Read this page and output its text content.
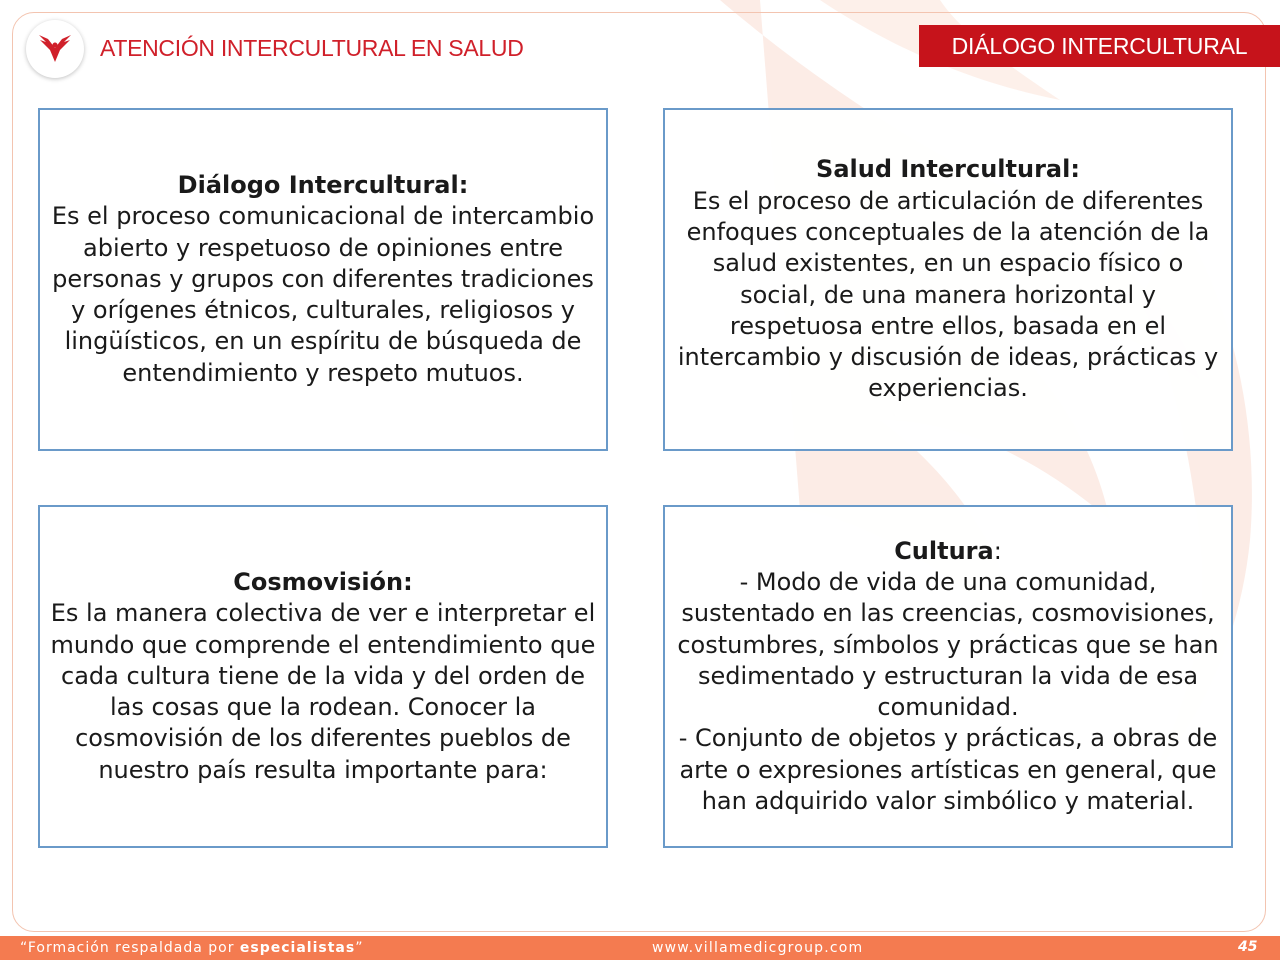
ATENCIÓN INTERCULTURAL EN SALUD	DIÁLOGO INTERCULTURAL
Diálogo Intercultural:
Es el proceso comunicacional de intercambio abierto y respetuoso de opiniones entre personas y grupos con diferentes tradiciones y orígenes étnicos, culturales, religiosos y lingüísticos, en un espíritu de búsqueda de entendimiento y respeto mutuos.
Salud Intercultural:
Es el proceso de articulación de diferentes enfoques conceptuales de la atención de la salud existentes, en un espacio físico o social, de una manera horizontal y respetuosa entre ellos, basada en el intercambio y discusión de ideas, prácticas y experiencias.
Cosmovisión:
Es la manera colectiva de ver e interpretar el mundo que comprende el entendimiento que cada cultura tiene de la vida y del orden de las cosas que la rodean. Conocer la cosmovisión de los diferentes pueblos de nuestro país resulta importante para:
Cultura:
- Modo de vida de una comunidad, sustentado en las creencias, cosmovisiones, costumbres, símbolos y prácticas que se han sedimentado y estructuran la vida de esa comunidad.
- Conjunto de objetos y prácticas, a obras de arte o expresiones artísticas en general, que han adquirido valor simbólico y material.
“Formación respaldada por especialistas”	www.villamedicgroup.com	45
